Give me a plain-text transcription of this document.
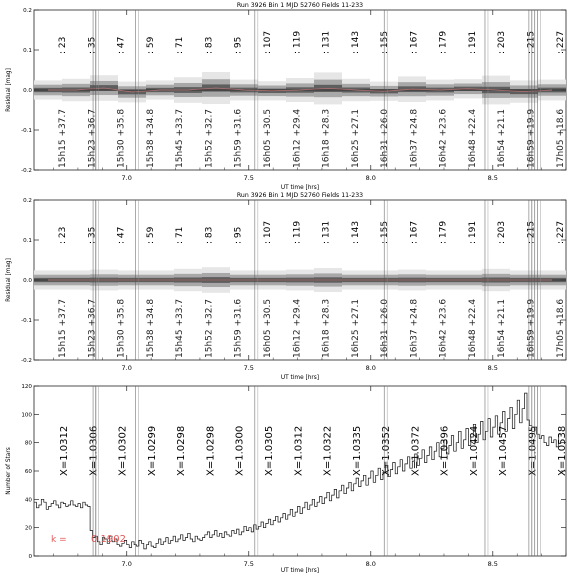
Run 3926 Bin 1 MJD 52760 Fields 11-233
: 23 : 35 : 47 : 59 : 71 : 83 : 95 : 107 : 119 : 131 : 143 : 155 : 167 : 179 : 191 : 203 : 215 : 227
15h15 +37.7 15h23 +36.7 15h30 +35.8 15h38 +34.8 15h45 +33.7 15h52 +32.7 15h59 +31.6 16h05 +30.5 16h12 +29.4 16h18 +28.3 16h25 +27.1 16h31 +26.0 16h37 +24.8 16h42 +23.6 16h48 +22.4 16h54 +21.1 16h59 +19.9 17h05 +18.6
7.0	7.5	8.0	8.5
-0.2
-0.1
0.0
0.1
0.2
UT time [hrs]
Residual [mag]
Run 3926 Bin 1 MJD 52760 Fields 11-233
: 23 : 35 : 47 : 59 : 71 : 83 : 95 : 107 : 119 : 131 : 143 : 155 : 167 : 179 : 191 : 203 : 215 : 227
15h15 +37.7 15h23 +36.7 15h30 +35.8 15h38 +34.8 15h45 +33.7 15h52 +32.7 15h59 +31.6 16h05 +30.5 16h12 +29.4 16h18 +28.3 16h25 +27.1 16h31 +26.0 16h37 +24.8 16h42 +23.6 16h48 +22.4 16h54 +21.1 16h59 +19.9 17h05 +18.6
7.0	7.5	8.0	8.5
-0.2
-0.1
0.0
0.1
0.2
UT time [hrs]
Residual [mag]
X=1.0312 X=1.0306 X=1.0302 X=1.0299 X=1.0298 X=1.0298 X=1.0300 X=1.0305 X=1.0312 X=1.0322 X=1.0335 X=1.0352 X=1.0372 X=1.0396 X=1.0424 X=1.0457 X=1.0495 X=1.0538
k = 0.1902
7.0	7.5	8.0	8.5
0
20
40
60
80
100
120
UT time [hrs]
Number of Stars
